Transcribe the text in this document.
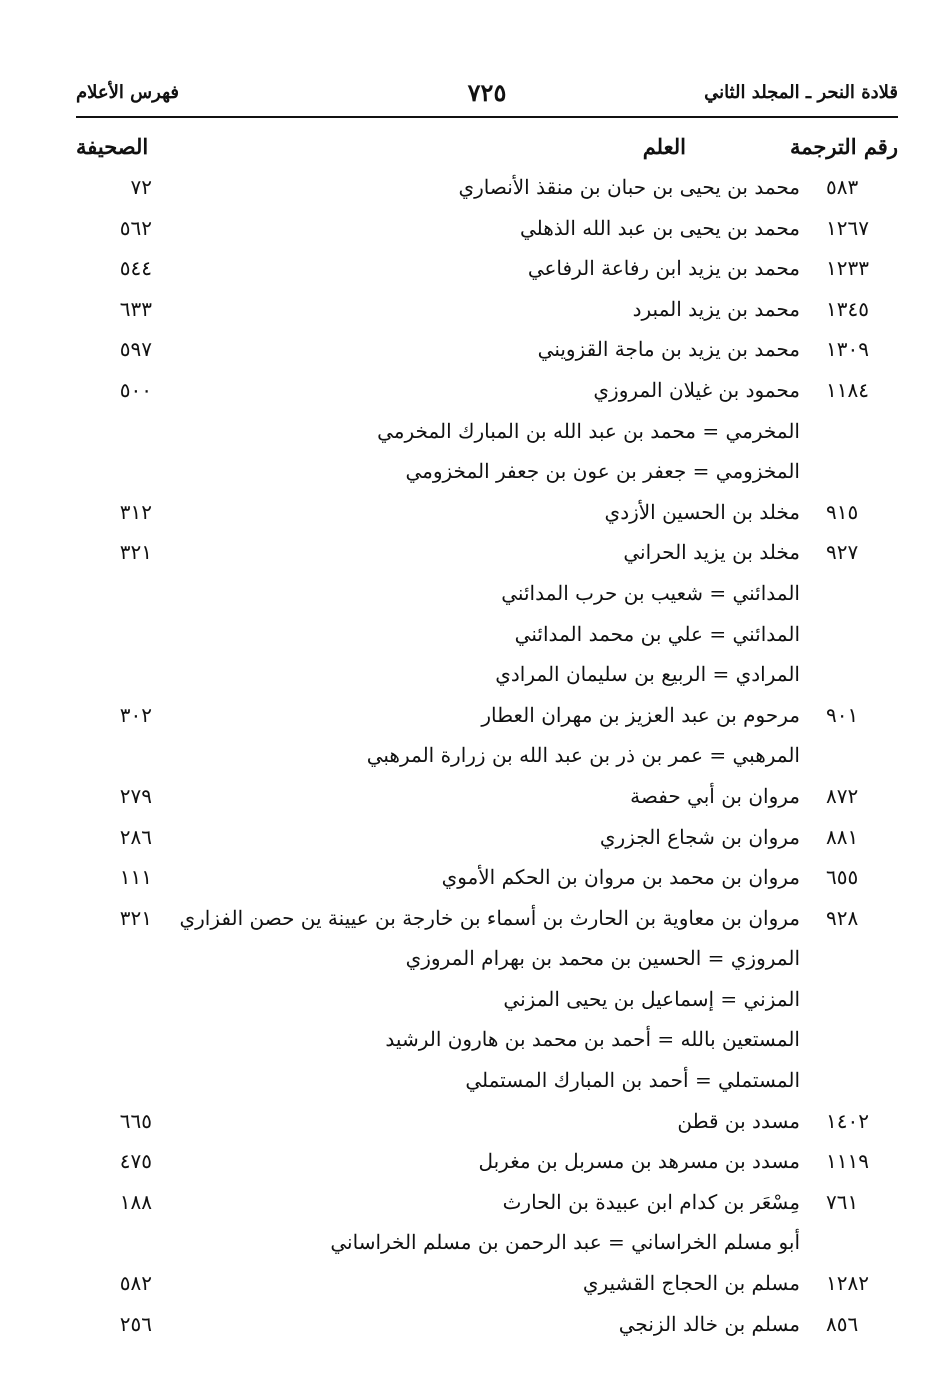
قلادة النحر ـ المجلد الثاني
٧٢٥
فهرس الأعلام
رقم الترجمة
العلم
الصحيفة
٥٨٣
محمد بن يحيى بن حبان بن منقذ الأنصاري
٧٢
١٢٦٧
محمد بن يحيى بن عبد الله الذهلي
٥٦٢
١٢٣٣
محمد بن يزيد ابن رفاعة الرفاعي
٥٤٤
١٣٤٥
محمد بن يزيد المبرد
٦٣٣
١٣٠٩
محمد بن يزيد بن ماجة القزويني
٥٩٧
١١٨٤
محمود بن غيلان المروزي
٥٠٠
المخرمي = محمد بن عبد الله بن المبارك المخرمي
المخزومي = جعفر بن عون بن جعفر المخزومي
٩١٥
مخلد بن الحسين الأزدي
٣١٢
٩٢٧
مخلد بن يزيد الحراني
٣٢١
المدائني = شعيب بن حرب المدائني
المدائني = علي بن محمد المدائني
المرادي = الربيع بن سليمان المرادي
٩٠١
مرحوم بن عبد العزيز بن مهران العطار
٣٠٢
المرهبي = عمر بن ذر بن عبد الله بن زرارة المرهبي
٨٧٢
مروان بن أبي حفصة
٢٧٩
٨٨١
مروان بن شجاع الجزري
٢٨٦
٦٥٥
مروان بن محمد بن مروان بن الحكم الأموي
١١١
٩٢٨
مروان بن معاوية بن الحارث بن أسماء بن خارجة بن عيينة ين حصن الفزاري
٣٢١
المروزي = الحسين بن محمد بن بهرام المروزي
المزني = إسماعيل بن يحيى المزني
المستعين بالله = أحمد بن محمد بن هارون الرشيد
المستملي = أحمد بن المبارك المستملي
١٤٠٢
مسدد بن قطن
٦٦٥
١١١٩
مسدد بن مسرهد بن مسربل بن مغربل
٤٧٥
٧٦١
مِسْعَر بن كدام ابن عبيدة بن الحارث
١٨٨
أبو مسلم الخراساني = عبد الرحمن بن مسلم الخراساني
١٢٨٢
مسلم بن الحجاج القشيري
٥٨٢
٨٥٦
مسلم بن خالد الزنجي
٢٥٦
